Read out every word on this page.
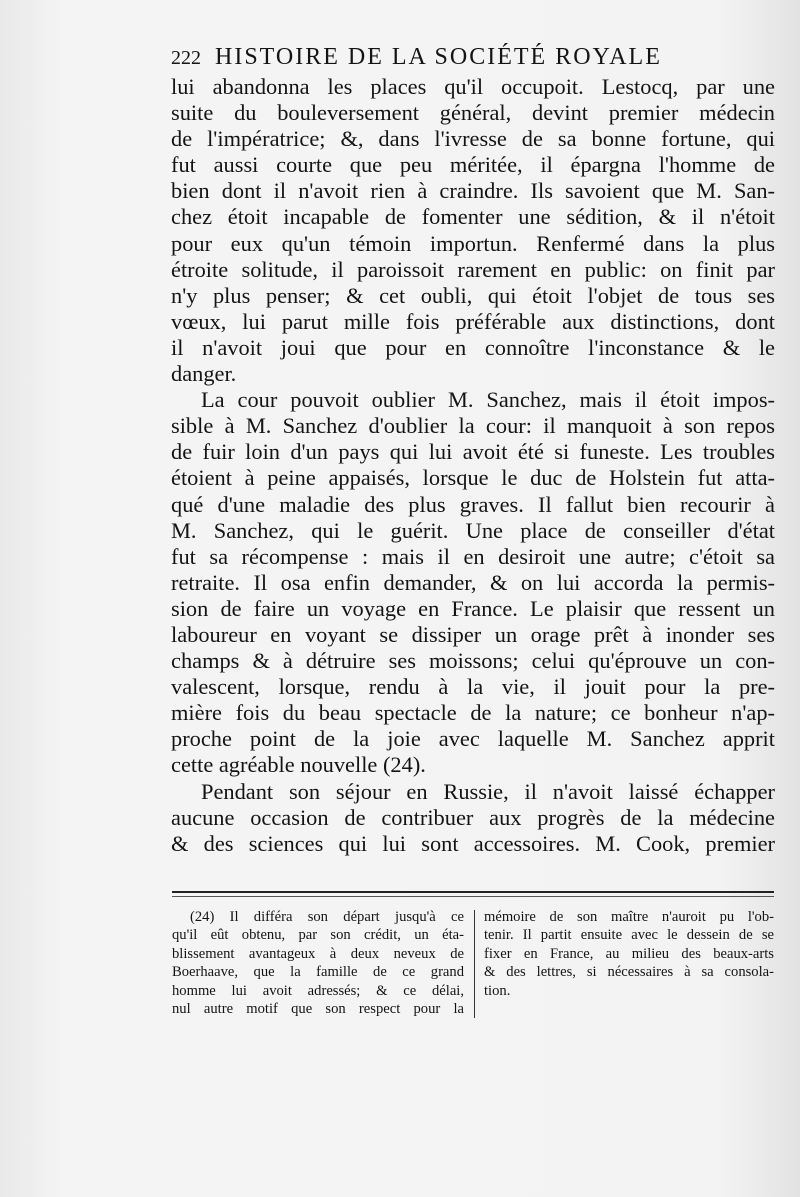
222 HISTOIRE DE LA SOCIÉTÉ ROYALE
lui abandonna les places qu'il occupoit. Lestocq, par une
suite du bouleversement général, devint premier médecin
de l'impératrice; &, dans l'ivresse de sa bonne fortune, qui
fut aussi courte que peu méritée, il épargna l'homme de
bien dont il n'avoit rien à craindre. Ils savoient que M. San-
chez étoit incapable de fomenter une sédition, & il n'étoit
pour eux qu'un témoin importun. Renfermé dans la plus
étroite solitude, il paroissoit rarement en public: on finit par
n'y plus penser; & cet oubli, qui étoit l'objet de tous ses
vœux, lui parut mille fois préférable aux distinctions, dont
il n'avoit joui que pour en connoître l'inconstance & le
danger.
La cour pouvoit oublier M. Sanchez, mais il étoit impos-
sible à M. Sanchez d'oublier la cour: il manquoit à son repos
de fuir loin d'un pays qui lui avoit été si funeste. Les troubles
étoient à peine appaisés, lorsque le duc de Holstein fut atta-
qué d'une maladie des plus graves. Il fallut bien recourir à
M. Sanchez, qui le guérit. Une place de conseiller d'état
fut sa récompense : mais il en desiroit une autre; c'étoit sa
retraite. Il osa enfin demander, & on lui accorda la permis-
sion de faire un voyage en France. Le plaisir que ressent un
laboureur en voyant se dissiper un orage prêt à inonder ses
champs & à détruire ses moissons; celui qu'éprouve un con-
valescent, lorsque, rendu à la vie, il jouit pour la pre-
mière fois du beau spectacle de la nature; ce bonheur n'ap-
proche point de la joie avec laquelle M. Sanchez apprit
cette agréable nouvelle (24).
Pendant son séjour en Russie, il n'avoit laissé échapper
aucune occasion de contribuer aux progrès de la médecine
& des sciences qui lui sont accessoires. M. Cook, premier
(24) Il différa son départ jusqu'à ce
qu'il eût obtenu, par son crédit, un éta-
blissement avantageux à deux neveux de
Boerhaave, que la famille de ce grand
homme lui avoit adressés; & ce délai,
nul autre motif que son respect pour la
mémoire de son maître n'auroit pu l'ob-
tenir. Il partit ensuite avec le dessein de se
fixer en France, au milieu des beaux-arts
& des lettres, si nécessaires à sa consola-
tion.
